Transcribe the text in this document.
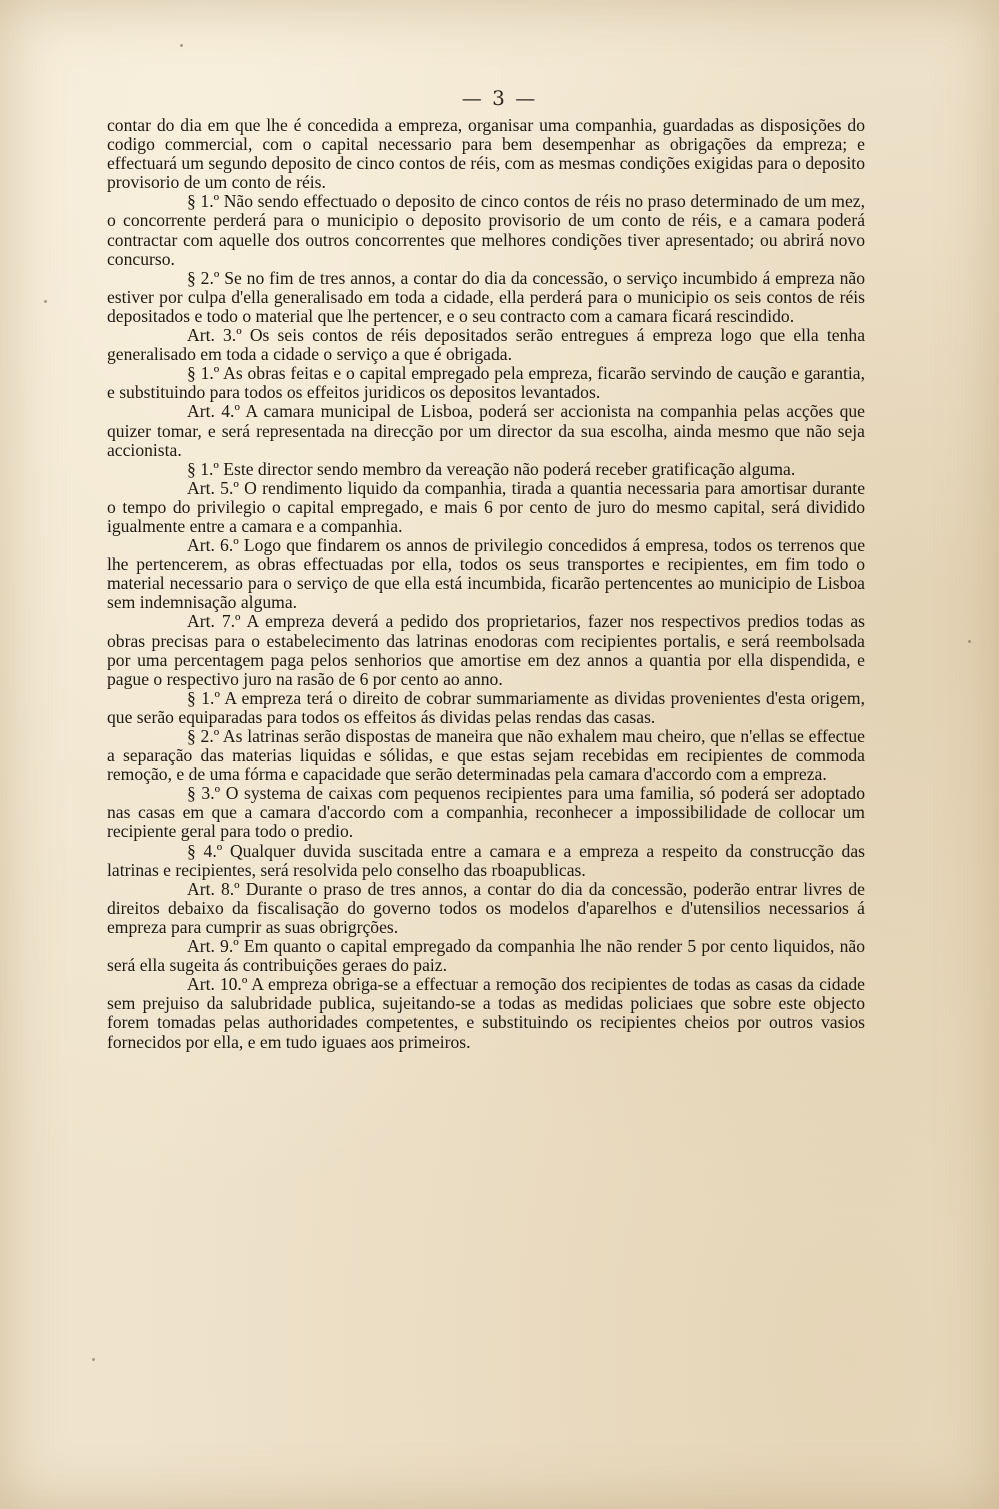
— 3 —

contar do dia em que lhe é concedida a empreza, organisar uma companhia, guardadas as disposições do codigo commercial, com o capital necessario para bem desempenhar as obrigações da empreza; e effectuará um segundo deposito de cinco contos de réis, com as mesmas condições exigidas para o deposito provisorio de um conto de réis.

§ 1.º Não sendo effectuado o deposito de cinco contos de réis no praso determinado de um mez, o concorrente perderá para o municipio o deposito provisorio de um conto de réis, e a camara poderá contractar com aquelle dos outros concorrentes que melhores condições tiver apresentado; ou abrirá novo concurso.

§ 2.º Se no fim de tres annos, a contar do dia da concessão, o serviço incumbido á empreza não estiver por culpa d'ella generalisado em toda a cidade, ella perderá para o municipio os seis contos de réis depositados e todo o material que lhe pertencer, e o seu contracto com a camara ficará rescindido.

Art. 3.º Os seis contos de réis depositados serão entregues á empreza logo que ella tenha generalisado em toda a cidade o serviço a que é obrigada.

§ 1.º As obras feitas e o capital empregado pela empreza, ficarão servindo de caução e garantia, e substituindo para todos os effeitos juridicos os depositos levantados.

Art. 4.º A camara municipal de Lisboa, poderá ser accionista na companhia pelas acções que quizer tomar, e será representada na direcção por um director da sua escolha, ainda mesmo que não seja accionista.

§ 1.º Este director sendo membro da vereação não poderá receber gratificação alguma.

Art. 5.º O rendimento liquido da companhia, tirada a quantia necessaria para amortisar durante o tempo do privilegio o capital empregado, e mais 6 por cento de juro do mesmo capital, será dividido igualmente entre a camara e a companhia.

Art. 6.º Logo que findarem os annos de privilegio concedidos á empresa, todos os terrenos que lhe pertencerem, as obras effectuadas por ella, todos os seus transportes e recipientes, em fim todo o material necessario para o serviço de que ella está incumbida, ficarão pertencentes ao municipio de Lisboa sem indemnisação alguma.

Art. 7.º A empreza deverá a pedido dos proprietarios, fazer nos respectivos predios todas as obras precisas para o estabelecimento das latrinas enodoras com recipientes portalis, e será reembolsada por uma percentagem paga pelos senhorios que amortise em dez annos a quantia por ella dispendida, e pague o respectivo juro na rasão de 6 por cento ao anno.

§ 1.º A empreza terá o direito de cobrar summariamente as dividas provenientes d'esta origem, que serão equiparadas para todos os effeitos ás dividas pelas rendas das casas.

§ 2.º As latrinas serão dispostas de maneira que não exhalem mau cheiro, que n'ellas se effectue a separação das materias liquidas e sólidas, e que estas sejam recebidas em recipientes de commoda remoção, e de uma fórma e capacidade que serão determinadas pela camara d'accordo com a empreza.

§ 3.º O systema de caixas com pequenos recipientes para uma familia, só poderá ser adoptado nas casas em que a camara d'accordo com a companhia, reconhecer a impossibilidade de collocar um recipiente geral para todo o predio.

§ 4.º Qualquer duvida suscitada entre a camara e a empreza a respeito da construcção das latrinas e recipientes, será resolvida pelo conselho das rboapublicas.

Art. 8.º Durante o praso de tres annos, a contar do dia da concessão, poderão entrar livres de direitos debaixo da fiscalisação do governo todos os modelos d'aparelhos e d'utensilios necessarios á empreza para cumprir as suas obrigrções.

Art. 9.º Em quanto o capital empregado da companhia lhe não render 5 por cento liquidos, não será ella sugeita ás contribuições geraes do paiz.

Art. 10.º A empreza obriga-se a effectuar a remoção dos recipientes de todas as casas da cidade sem prejuiso da salubridade publica, sujeitando-se a todas as medidas policiaes que sobre este objecto forem tomadas pelas authoridades competentes, e substituindo os recipientes cheios por outros vasios fornecidos por ella, e em tudo iguaes aos primeiros.
